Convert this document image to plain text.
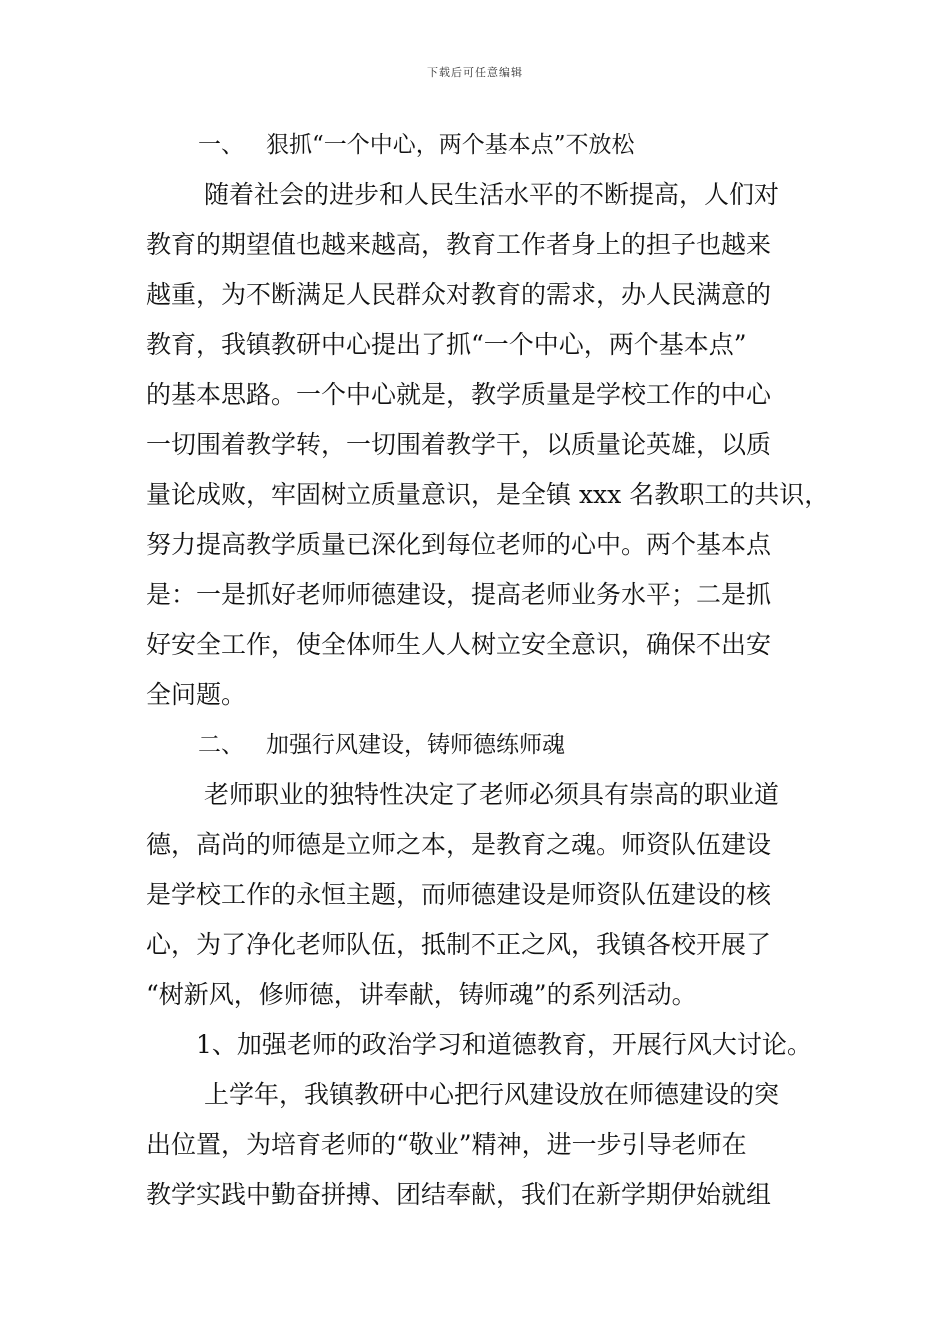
下载后可任意编辑
一、 狠抓“一个中心，两个基本点”不放松
随着社会的进步和人民生活水平的不断提高，人们对
教育的期望值也越来越高，教育工作者身上的担子也越来
越重，为不断满足人民群众对教育的需求，办人民满意的
教育，我镇教研中心提出了抓“一个中心，两个基本点”
的基本思路。一个中心就是，教学质量是学校工作的中心
一切围着教学转，一切围着教学干，以质量论英雄，以质
量论成败，牢固树立质量意识，是全镇 xxx 名教职工的共识，
努力提高教学质量已深化到每位老师的心中。两个基本点
是：一是抓好老师师德建设，提高老师业务水平；二是抓
好安全工作，使全体师生人人树立安全意识，确保不出安
全问题。
二、 加强行风建设，铸师德练师魂
老师职业的独特性决定了老师必须具有崇高的职业道
德，高尚的师德是立师之本，是教育之魂。师资队伍建设
是学校工作的永恒主题，而师德建设是师资队伍建设的核
心，为了净化老师队伍，抵制不正之风，我镇各校开展了
“树新风，修师德，讲奉献，铸师魂”的系列活动。
1、加强老师的政治学习和道德教育，开展行风大讨论。
上学年，我镇教研中心把行风建设放在师德建设的突
出位置，为培育老师的“敬业”精神，进一步引导老师在
教学实践中勤奋拼搏、团结奉献，我们在新学期伊始就组
